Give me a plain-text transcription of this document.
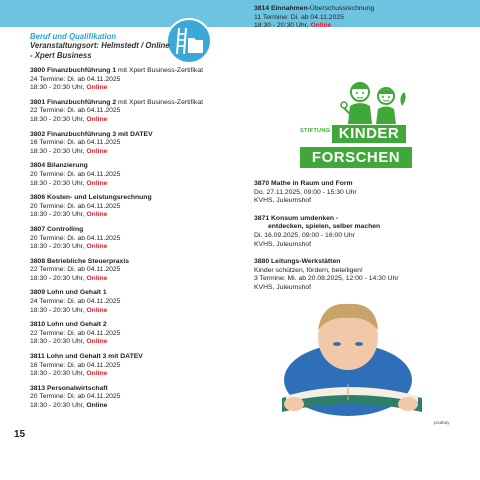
Beruf und Qualifikation
Veranstaltungsort: Helmstedt / Online - Xpert Business
3800 Finanzbuchführung 1 mit Xpert Business-Zertifikat
24 Termine: Di. ab 04.11.2025
18:30 - 20:30 Uhr, Online
3801 Finanzbuchführung 2 mit Xpert Business-Zertifikat
22 Termine: Di. ab 04.11.2025
18:30 - 20:30 Uhr, Online
3802 Finanzbuchführung 3 mit DATEV
16 Termine: Di. ab 04.11.2025
18:30 - 20:30 Uhr, Online
3804 Bilanzierung
20 Termine: Di. ab 04.11.2025
18:30 - 20:30 Uhr, Online
3806 Kosten- und Leistungsrechnung
20 Termine: Di. ab 04.11.2025
18:30 - 20:30 Uhr, Online
3807 Controlling
20 Termine: Di. ab 04.11.2025
18:30 - 20:30 Uhr, Online
3808 Betriebliche Steuerpraxis
22 Termine: Di. ab 04.11.2025
18:30 - 20:30 Uhr, Online
3809 Lohn und Gehalt 1
24 Termine: Di. ab 04.11.2025
18:30 - 20:30 Uhr, Online
3810 Lohn und Gehalt 2
22 Termine: Di. ab 04.11.2025
18:30 - 20:30 Uhr, Online
3811 Lohn und Gehalt 3 mit DATEV
16 Termine: Di. ab 04.11.2025
18:30 - 20:30 Uhr, Online
3813 Personalwirtschaft
20 Termine: Di. ab 04.11.2025
18:30 - 20:30 Uhr, Online
3814 Einnahmen-Überschussrechnung
11 Termine: Di. ab 04.11.2025
18:30 - 20:30 Uhr, Online
STIFTUNG KINDER
FORSCHEN
3870 Mathe in Raum und Form
Do. 27.11.2025, 09:00 - 15:30 Uhr
KVHS, Juleumshof
3871 Konsum umdenken -
entdecken, spielen, selber machen
Di. 16.09.2025, 09:00 - 16:00 Uhr
KVHS, Juleumshof
3880 Leitungs-Werkstätten
Kinder schützen, fördern, beteiligen!
3 Termine: Mi. ab 20.08.2025, 12:00 - 14:30 Uhr
KVHS, Juleumshof
pixabay
15
